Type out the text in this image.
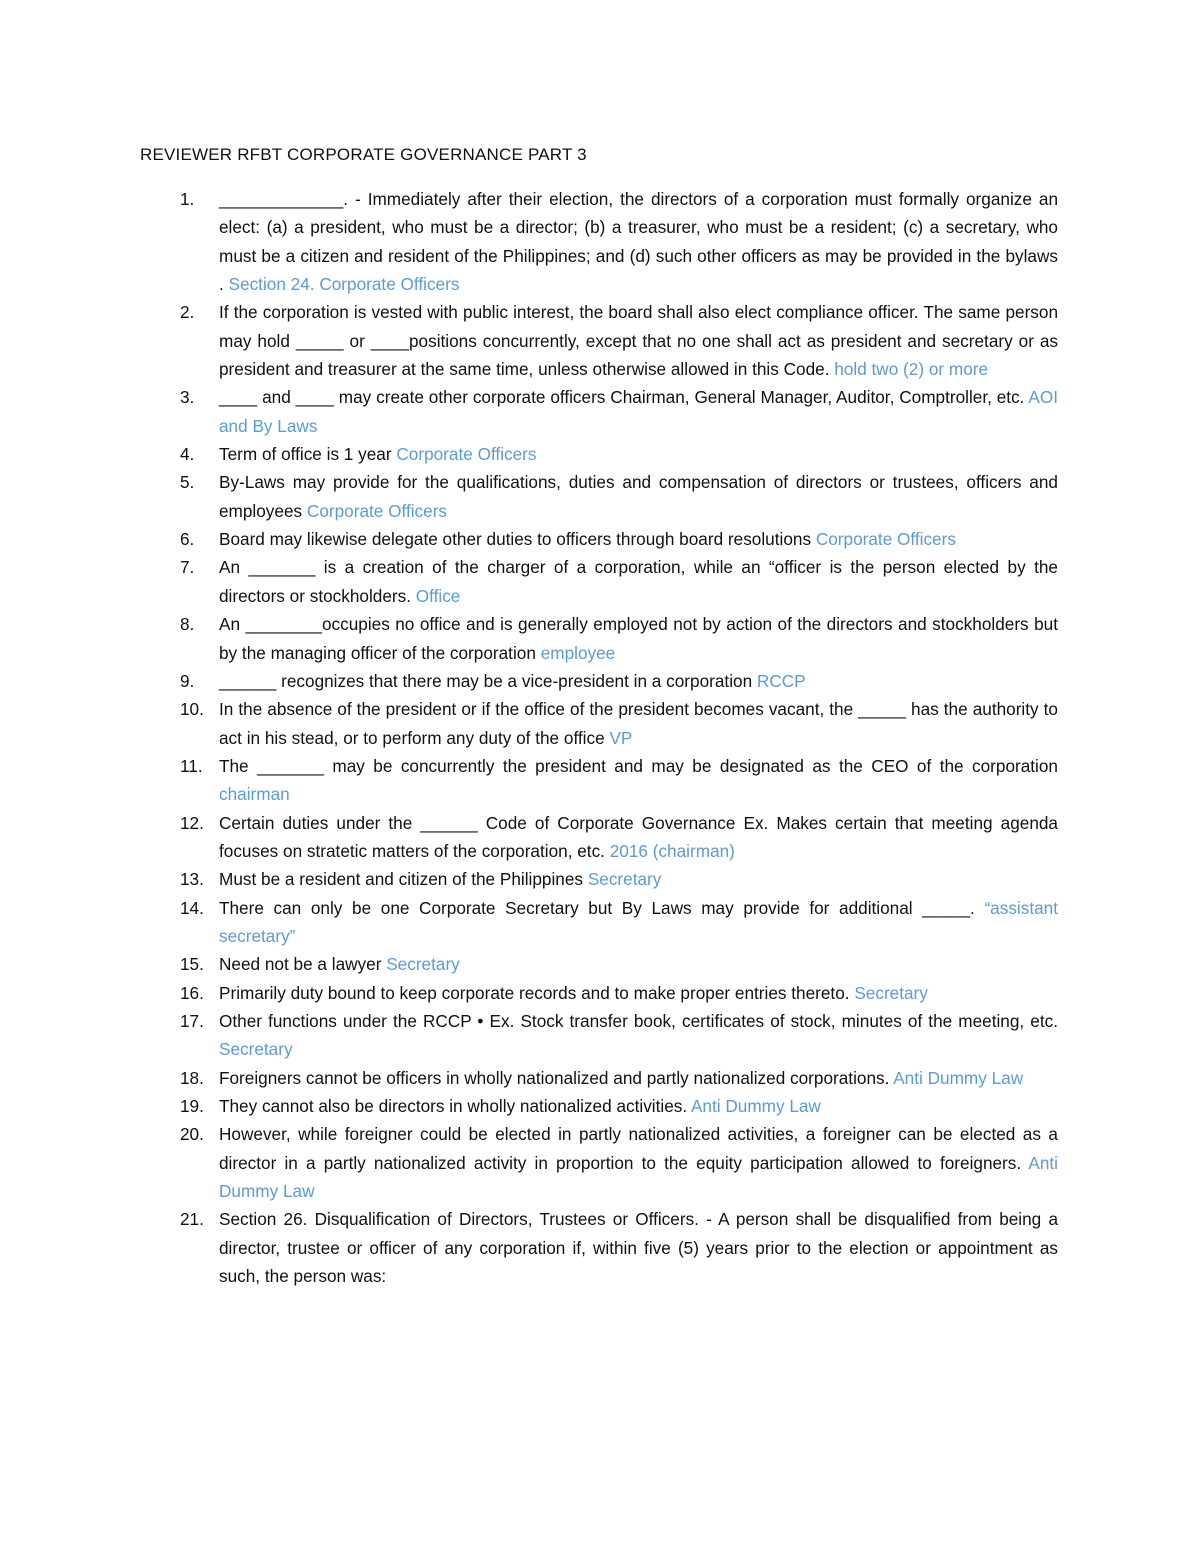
REVIEWER RFBT CORPORATE GOVERNANCE PART 3
1. _____________. - Immediately after their election, the directors of a corporation must formally organize an elect: (a) a president, who must be a director; (b) a treasurer, who must be a resident; (c) a secretary, who must be a citizen and resident of the Philippines; and (d) such other officers as may be provided in the bylaws . Section 24. Corporate Officers
2. If the corporation is vested with public interest, the board shall also elect compliance officer. The same person may hold _____ or ____positions concurrently, except that no one shall act as president and secretary or as president and treasurer at the same time, unless otherwise allowed in this Code. hold two (2) or more
3. ____ and ____ may create other corporate officers Chairman, General Manager, Auditor, Comptroller, etc. AOI and By Laws
4. Term of office is 1 year Corporate Officers
5. By-Laws may provide for the qualifications, duties and compensation of directors or trustees, officers and employees Corporate Officers
6. Board may likewise delegate other duties to officers through board resolutions Corporate Officers
7. An _______ is a creation of the charger of a corporation, while an “officer is the person elected by the directors or stockholders. Office
8. An ________occupies no office and is generally employed not by action of the directors and stockholders but by the managing officer of the corporation employee
9. ______ recognizes that there may be a vice-president in a corporation RCCP
10. In the absence of the president or if the office of the president becomes vacant, the _____ has the authority to act in his stead, or to perform any duty of the office VP
11. The _______ may be concurrently the president and may be designated as the CEO of the corporation chairman
12. Certain duties under the ______ Code of Corporate Governance Ex. Makes certain that meeting agenda focuses on stratetic matters of the corporation, etc. 2016 (chairman)
13. Must be a resident and citizen of the Philippines Secretary
14. There can only be one Corporate Secretary but By Laws may provide for additional _____. “assistant secretary”
15. Need not be a lawyer Secretary
16. Primarily duty bound to keep corporate records and to make proper entries thereto. Secretary
17. Other functions under the RCCP • Ex. Stock transfer book, certificates of stock, minutes of the meeting, etc. Secretary
18. Foreigners cannot be officers in wholly nationalized and partly nationalized corporations. Anti Dummy Law
19. They cannot also be directors in wholly nationalized activities. Anti Dummy Law
20. However, while foreigner could be elected in partly nationalized activities, a foreigner can be elected as a director in a partly nationalized activity in proportion to the equity participation allowed to foreigners. Anti Dummy Law
21. Section 26. Disqualification of Directors, Trustees or Officers. - A person shall be disqualified from being a director, trustee or officer of any corporation if, within five (5) years prior to the election or appointment as such, the person was:
